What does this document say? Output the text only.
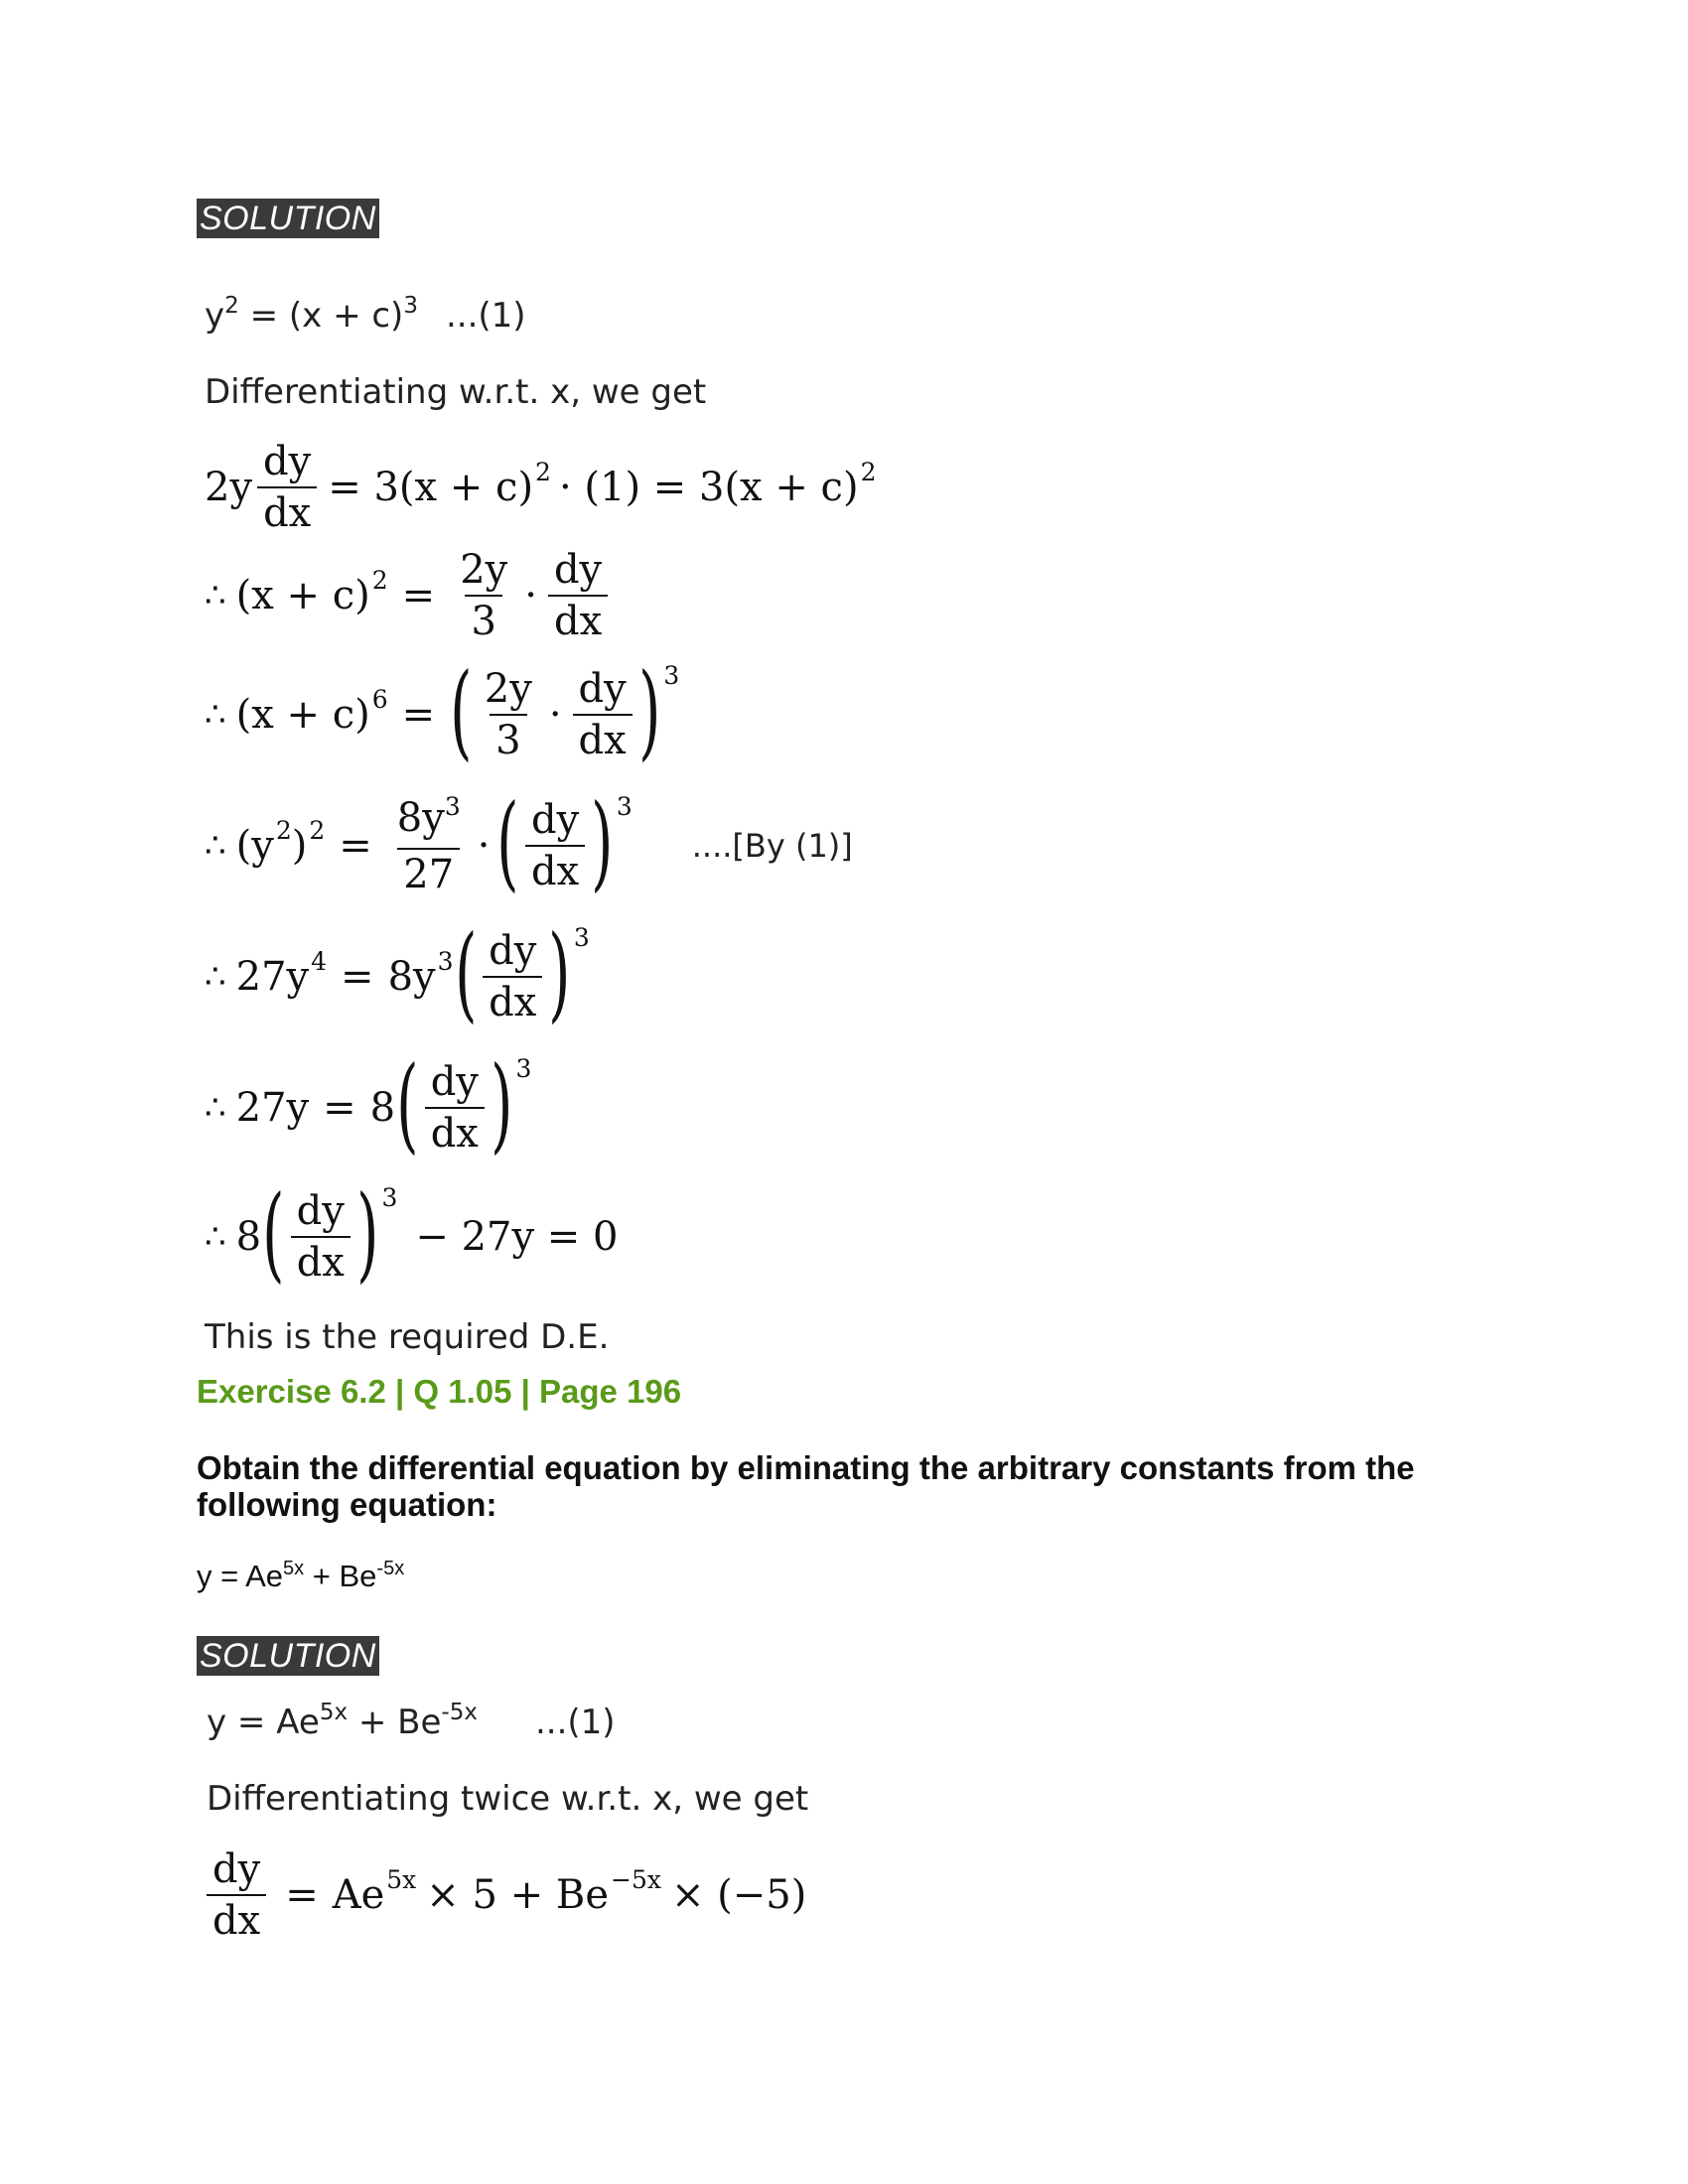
SOLUTION
$y^2 = (x + c)^3$ ...(1)
Differentiating w.r.t. x, we get
$2y \frac{dy}{dx} = 3(x + c) 2 \cdot (1) = 3(x + c)$ 2
∴ (x + c) $2 = \frac{2y}{3} \cdot \frac{dy}{dx}$
∴ (x + c) 6 = ( $\frac{2y}{3} \cdot \frac{dy}{dx}$ ) 3
∴ (y 2 ) $2 = \frac{8y^3}{27}$ · ( $\frac{dy}{dx}$ ) 3
....[By (1)]
∴ 27y 4 = 8y 3 ( $\frac{dy}{dx}$ ) 3
∴ 27y = 8 ( $\frac{dy}{dx}$ ) 3
∴ 8 ( $\frac{dy}{dx}$ ) 3
− 27y = 0
This is the required D.E.
Exercise 6.2 | Q 1.05 | Page 196
Obtain the differential equation by eliminating the arbitrary constants from the following equation:
$y = Ae^{5x} + Be^{-5x}$
SOLUTION
$y = Ae^{5x} + Be^{-5x}$ ...(1)
Differentiating twice w.r.t. x, we get
$\frac{dy}{dx} = Ae$ 5x × 5 + Be −5x × (−5)
